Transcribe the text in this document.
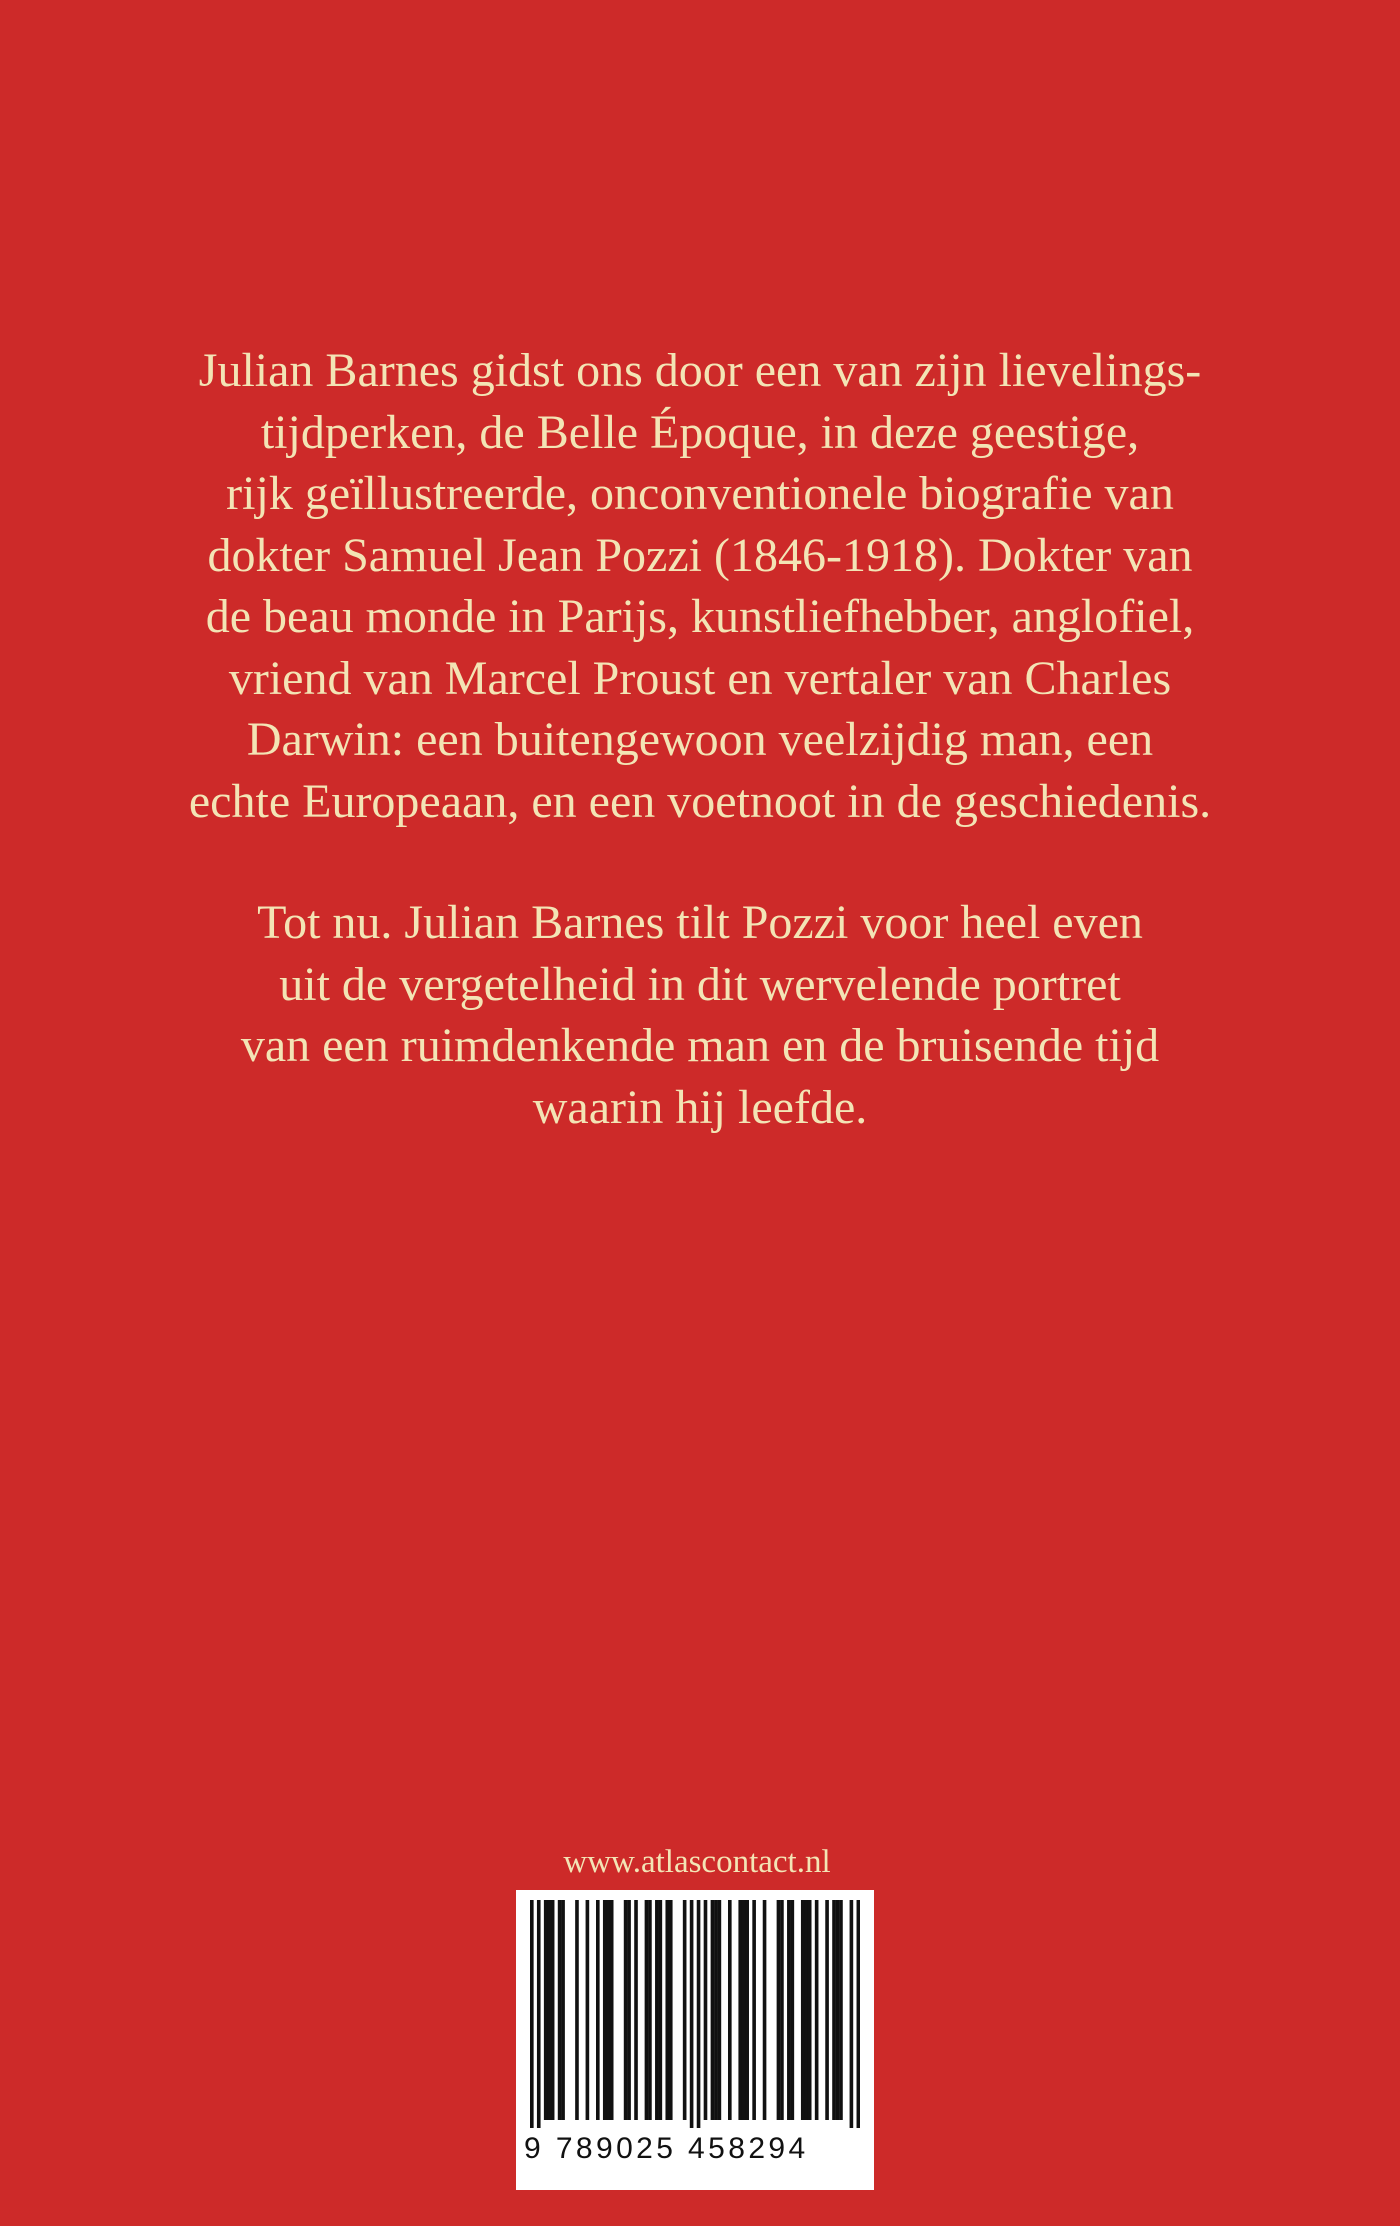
Julian Barnes gidst ons door een van zijn lievelings-
tijdperken, de Belle Époque, in deze geestige,
rijk geïllustreerde, onconventionele biografie van
dokter Samuel Jean Pozzi (1846-1918). Dokter van
de beau monde in Parijs, kunstliefhebber, anglofiel,
vriend van Marcel Proust en vertaler van Charles
Darwin: een buitengewoon veelzijdig man, een
echte Europeaan, en een voetnoot in de geschiedenis.

Tot nu. Julian Barnes tilt Pozzi voor heel even
uit de vergetelheid in dit wervelende portret
van een ruimdenkende man en de bruisende tijd
waarin hij leefde.

www.atlascontact.nl
9 789025 458294
